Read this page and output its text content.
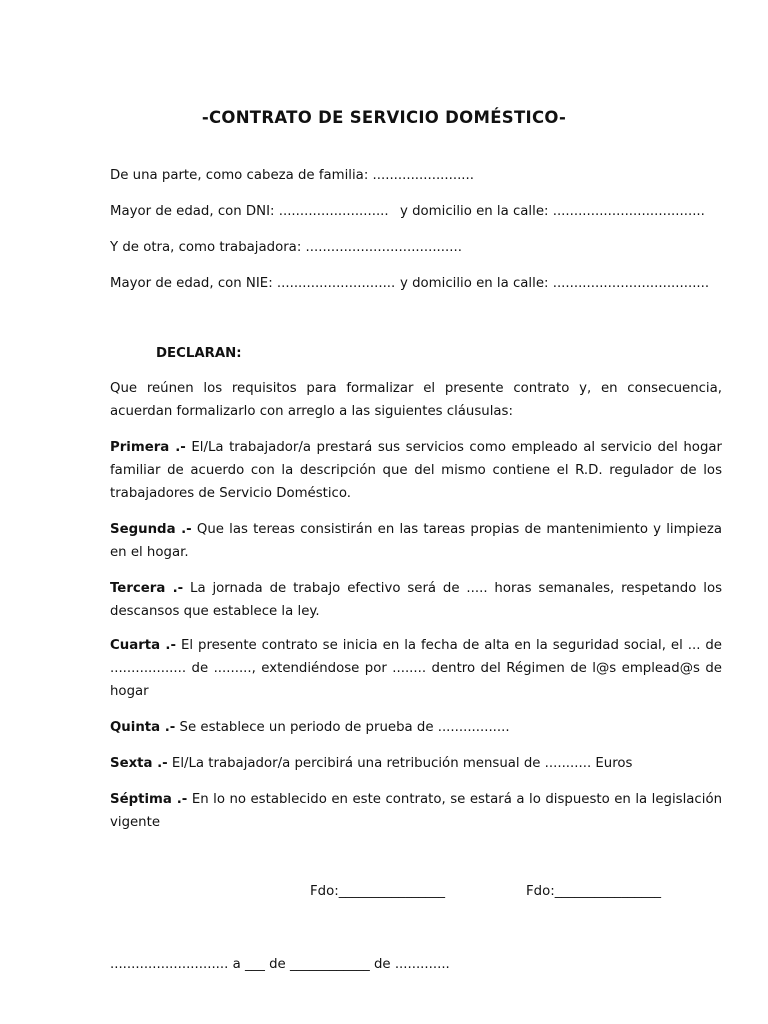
-CONTRATO DE SERVICIO DOMÉSTICO-
De una parte, como cabeza de familia: ........................
Mayor de edad, con DNI: .......................... y domicilio en la calle: ....................................
Y de otra, como trabajadora: .....................................
Mayor de edad, con NIE: ............................ y domicilio en la calle: .....................................
DECLARAN:
Que reúnen los requisitos para formalizar el presente contrato y, en consecuencia, acuerdan formalizarlo con arreglo a las siguientes cláusulas:
Primera .- El/La trabajador/a prestará sus servicios como empleado al servicio del hogar familiar de acuerdo con la descripción que del mismo contiene el R.D. regulador de los trabajadores de Servicio Doméstico.
Segunda .- Que las tereas consistirán en las tareas propias de mantenimiento y limpieza en el hogar.
Tercera .- La jornada de trabajo efectivo será de ..... horas semanales, respetando los descansos que establece la ley.
Cuarta .- El presente contrato se inicia en la fecha de alta en la seguridad social, el ... de .................. de ........., extendiéndose por ........ dentro del Régimen de l@s emplead@s de hogar
Quinta .- Se establece un periodo de prueba de .................
Sexta .- El/La trabajador/a percibirá una retribución mensual de ........... Euros
Séptima .- En lo no establecido en este contrato, se estará a lo dispuesto en la legislación vigente
Fdo:________________	Fdo:________________
............................ a ___ de ____________ de .............
